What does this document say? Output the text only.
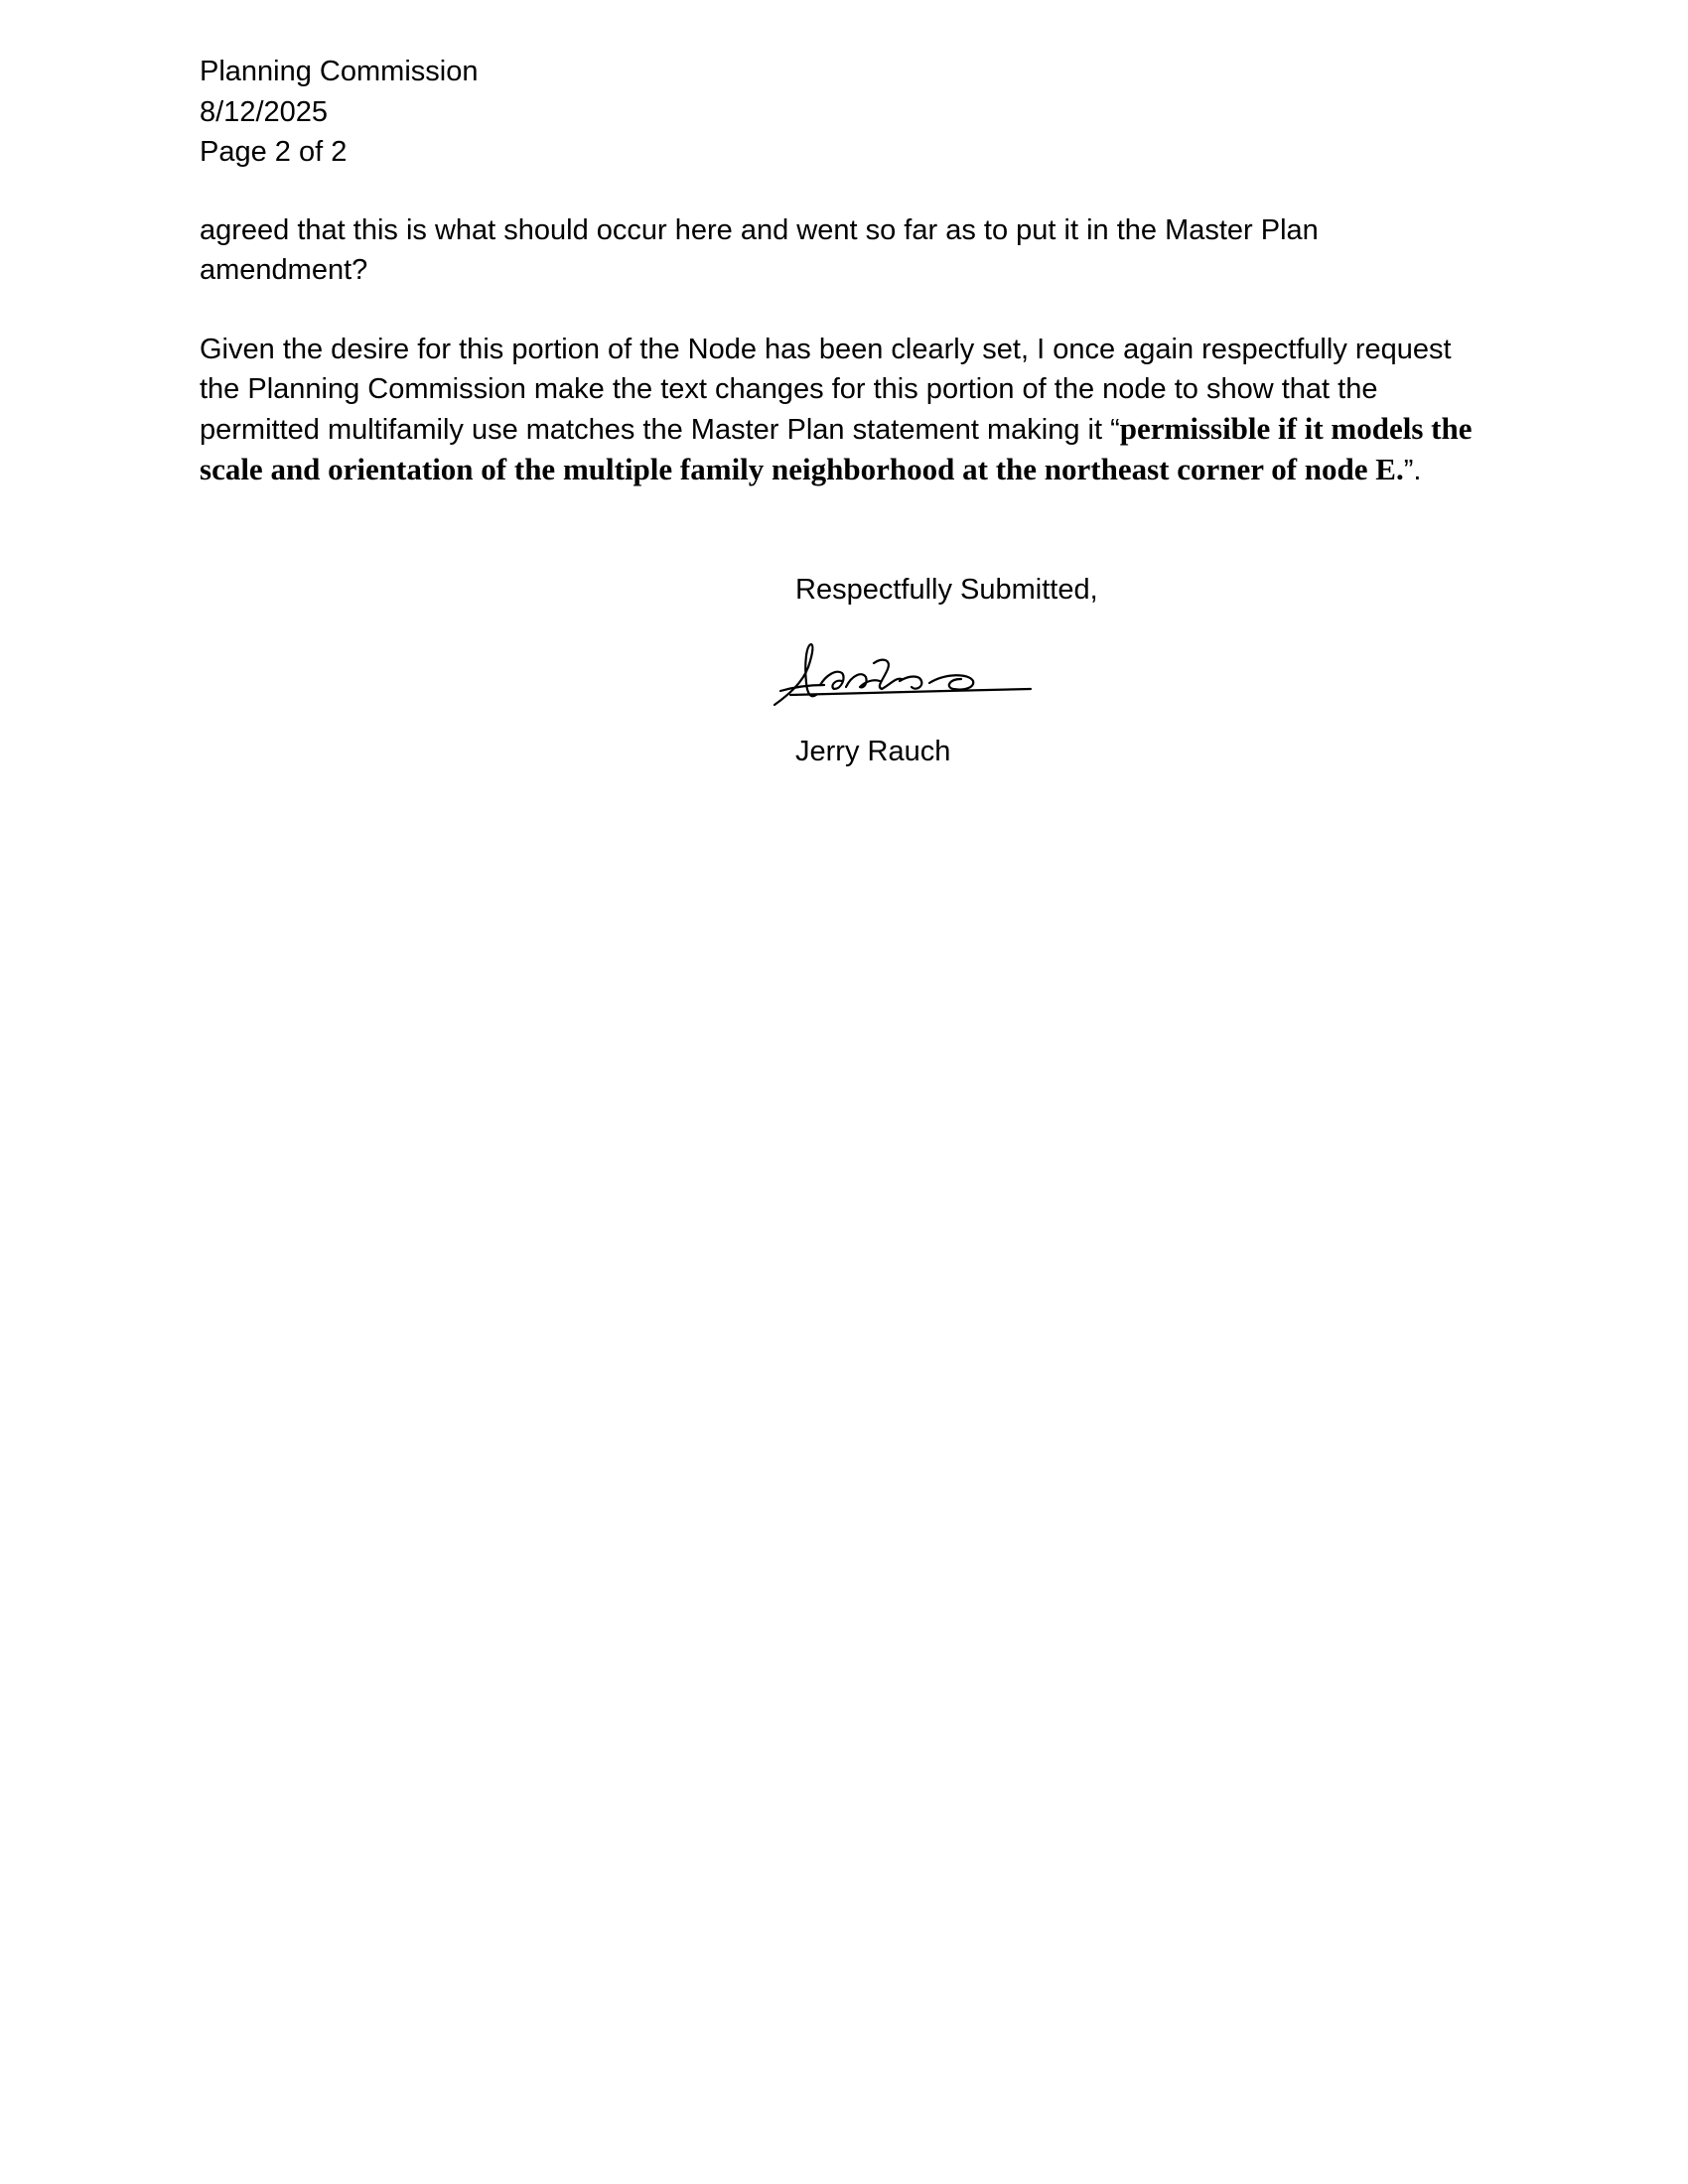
Planning Commission
8/12/2025
Page 2 of 2

agreed that this is what should occur here and went so far as to put it in the Master Plan amendment?

Given the desire for this portion of the Node has been clearly set, I once again respectfully request the Planning Commission make the text changes for this portion of the node to show that the permitted multifamily use matches the Master Plan statement making it “permissible if it models the scale and orientation of the multiple family neighborhood at the northeast corner of node E.”.

Respectfully Submitted,
Jerry Rauch
